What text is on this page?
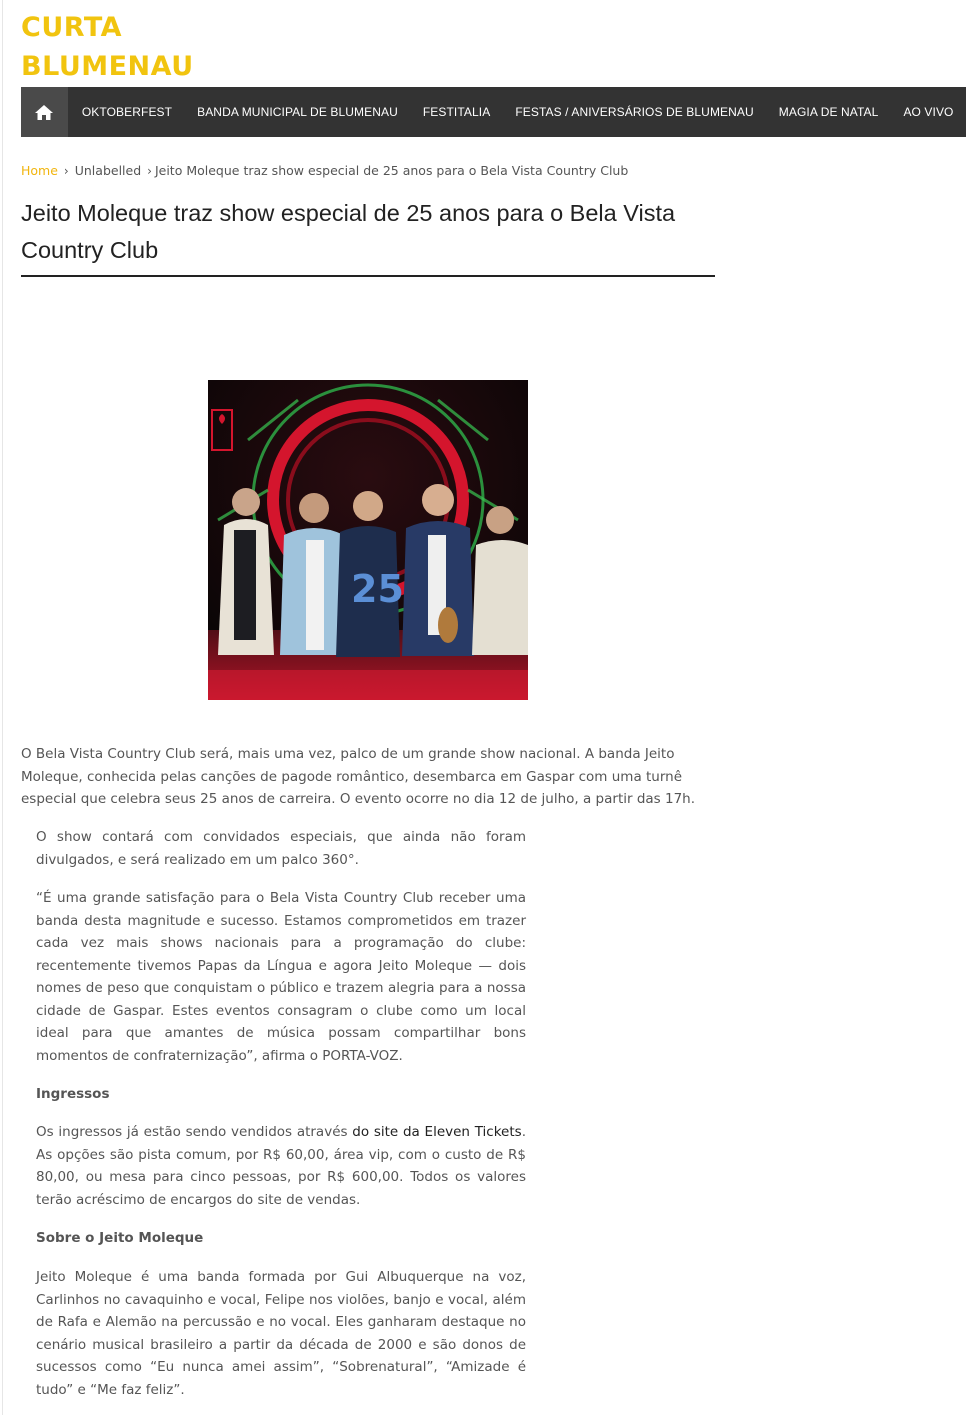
CURTA
BLUMENAU
OKTOBERFEST	BANDA MUNICIPAL DE BLUMENAU	FESTITALIA	FESTAS / ANIVERSÁRIOS DE BLUMENAU	MAGIA DE NATAL	AO VIVO
Home › Unlabelled › Jeito Moleque traz show especial de 25 anos para o Bela Vista Country Club
Jeito Moleque traz show especial de 25 anos para o Bela Vista Country Club
25

O Bela Vista Country Club será, mais uma vez, palco de um grande show nacional. A banda Jeito Moleque, conhecida pelas canções de pagode romântico, desembarca em Gaspar com uma turnê especial que celebra seus 25 anos de carreira. O evento ocorre no dia 12 de julho, a partir das 17h.

O show contará com convidados especiais, que ainda não foram divulgados, e será realizado em um palco 360°.

“É uma grande satisfação para o Bela Vista Country Club receber uma banda desta magnitude e sucesso. Estamos comprometidos em trazer cada vez mais shows nacionais para a programação do clube: recentemente tivemos Papas da Língua e agora Jeito Moleque — dois nomes de peso que conquistam o público e trazem alegria para a nossa cidade de Gaspar. Estes eventos consagram o clube como um local ideal para que amantes de música possam compartilhar bons momentos de confraternização”, afirma o PORTA-VOZ.

Ingressos

Os ingressos já estão sendo vendidos através do site da Eleven Tickets. As opções são pista comum, por R$ 60,00, área vip, com o custo de R$ 80,00, ou mesa para cinco pessoas, por R$ 600,00. Todos os valores terão acréscimo de encargos do site de vendas.

Sobre o Jeito Moleque

Jeito Moleque é uma banda formada por Gui Albuquerque na voz, Carlinhos no cavaquinho e vocal, Felipe nos violões, banjo e vocal, além de Rafa e Alemão na percussão e no vocal. Eles ganharam destaque no cenário musical brasileiro a partir da década de 2000 e são donos de sucessos como “Eu nunca amei assim”, “Sobrenatural”, “Amizade é tudo” e “Me faz feliz”.
